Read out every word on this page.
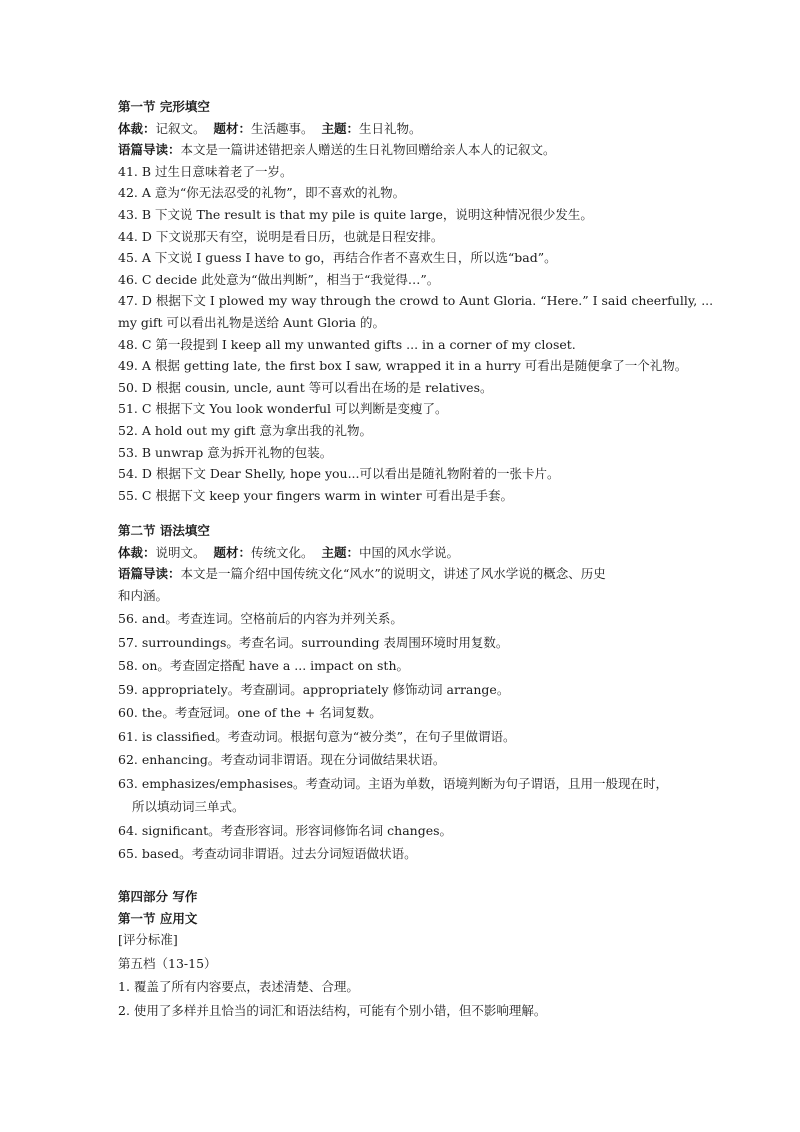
第一节 完形填空
体裁：记叙文。 题材：生活趣事。 主题：生日礼物。
语篇导读：本文是一篇讲述错把亲人赠送的生日礼物回赠给亲人本人的记叙文。
41. B 过生日意味着老了一岁。
42. A 意为“你无法忍受的礼物”，即不喜欢的礼物。
43. B 下文说 The result is that my pile is quite large，说明这种情况很少发生。
44. D 下文说那天有空，说明是看日历，也就是日程安排。
45. A 下文说 I guess I have to go，再结合作者不喜欢生日，所以选“bad”。
46. C decide 此处意为“做出判断”，相当于“我觉得…”。
47. D 根据下文 I plowed my way through the crowd to Aunt Gloria. “Here.” I said cheerfully, ...
my gift 可以看出礼物是送给 Aunt Gloria 的。
48. C 第一段提到 I keep all my unwanted gifts ... in a corner of my closet.
49. A 根据 getting late, the first box I saw, wrapped it in a hurry 可看出是随便拿了一个礼物。
50. D 根据 cousin, uncle, aunt 等可以看出在场的是 relatives。
51. C 根据下文 You look wonderful 可以判断是变瘦了。
52. A hold out my gift 意为拿出我的礼物。
53. B unwrap 意为拆开礼物的包装。
54. D 根据下文 Dear Shelly, hope you...可以看出是随礼物附着的一张卡片。
55. C 根据下文 keep your fingers warm in winter 可看出是手套。
第二节 语法填空
体裁：说明文。 题材：传统文化。 主题：中国的风水学说。
语篇导读：本文是一篇介绍中国传统文化“风水”的说明文，讲述了风水学说的概念、历史
和内涵。
56. and。考查连词。空格前后的内容为并列关系。
57. surroundings。考查名词。surrounding 表周围环境时用复数。
58. on。考查固定搭配 have a ... impact on sth。
59. appropriately。考查副词。appropriately 修饰动词 arrange。
60. the。考查冠词。one of the + 名词复数。
61. is classified。考查动词。根据句意为“被分类”，在句子里做谓语。
62. enhancing。考查动词非谓语。现在分词做结果状语。
63. emphasizes/emphasises。考查动词。主语为单数，语境判断为句子谓语，且用一般现在时，
所以填动词三单式。
64. significant。考查形容词。形容词修饰名词 changes。
65. based。考查动词非谓语。过去分词短语做状语。
第四部分 写作
第一节 应用文
[评分标准]
第五档（13-15）
1. 覆盖了所有内容要点，表述清楚、合理。
2. 使用了多样并且恰当的词汇和语法结构，可能有个别小错，但不影响理解。
